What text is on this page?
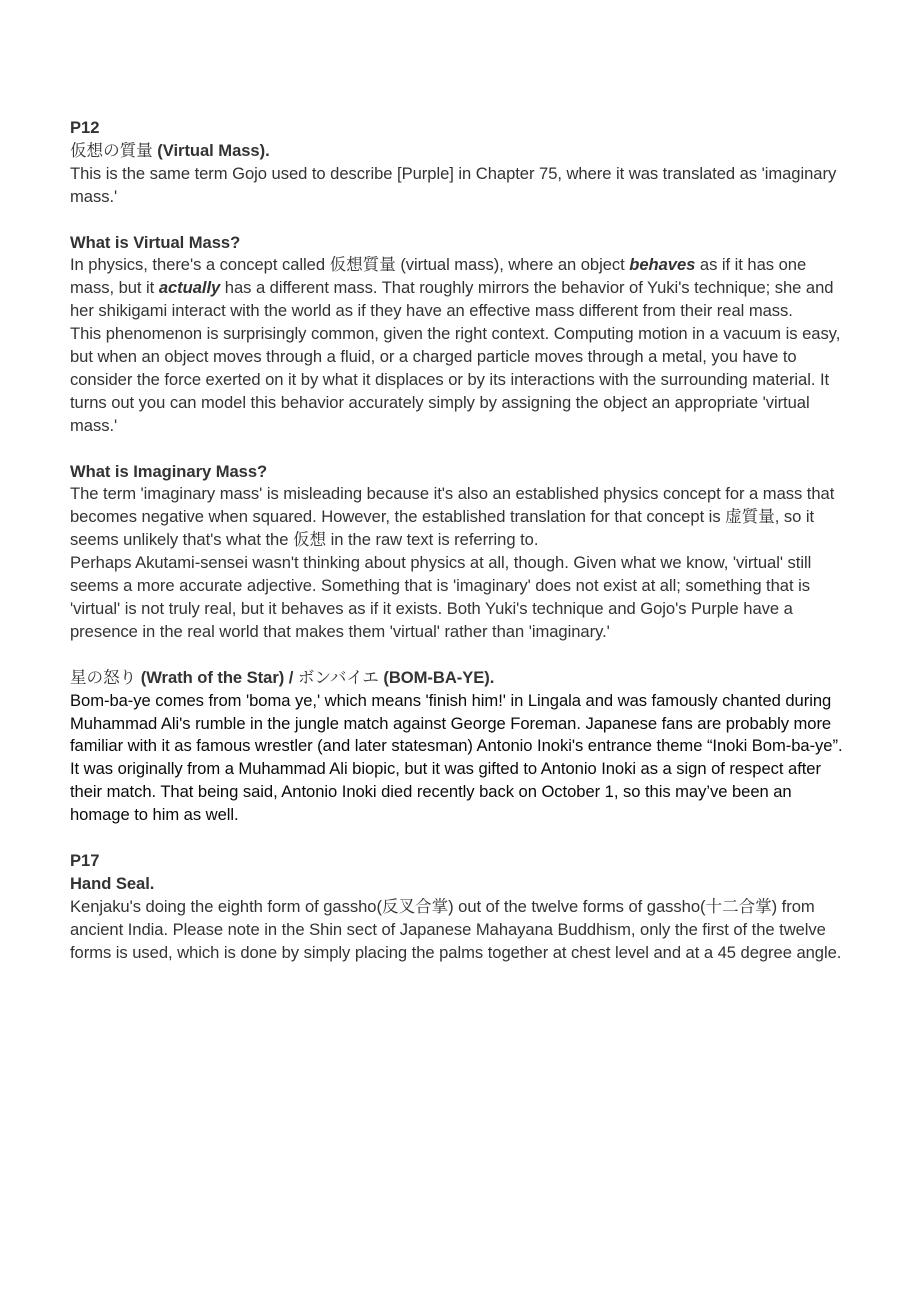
P12

仮想の質量 (Virtual Mass).

This is the same term Gojo used to describe [Purple] in Chapter 75, where it was translated as 'imaginary mass.'

What is Virtual Mass?

In physics, there's a concept called 仮想質量 (virtual mass), where an object behaves as if it has one mass, but it actually has a different mass. That roughly mirrors the behavior of Yuki's technique; she and her shikigami interact with the world as if they have an effective mass different from their real mass.

This phenomenon is surprisingly common, given the right context. Computing motion in a vacuum is easy, but when an object moves through a fluid, or a charged particle moves through a metal, you have to consider the force exerted on it by what it displaces or by its interactions with the surrounding material. It turns out you can model this behavior accurately simply by assigning the object an appropriate 'virtual mass.'

What is Imaginary Mass?

The term 'imaginary mass' is misleading because it's also an established physics concept for a mass that becomes negative when squared. However, the established translation for that concept is 虚質量, so it seems unlikely that's what the 仮想 in the raw text is referring to.

Perhaps Akutami-sensei wasn't thinking about physics at all, though. Given what we know, 'virtual' still seems a more accurate adjective. Something that is 'imaginary' does not exist at all; something that is 'virtual' is not truly real, but it behaves as if it exists. Both Yuki's technique and Gojo's Purple have a presence in the real world that makes them 'virtual' rather than 'imaginary.'

星の怒り (Wrath of the Star) / ボンバイエ (BOM-BA-YE).

Bom-ba-ye comes from 'boma ye,' which means 'finish him!' in Lingala and was famously chanted during Muhammad Ali's rumble in the jungle match against George Foreman. Japanese fans are probably more familiar with it as famous wrestler (and later statesman) Antonio Inoki's entrance theme “Inoki Bom-ba-ye”. It was originally from a Muhammad Ali biopic, but it was gifted to Antonio Inoki as a sign of respect after their match. That being said, Antonio Inoki died recently back on October 1, so this may’ve been an homage to him as well.

P17

Hand Seal.

Kenjaku's doing the eighth form of gassho(反叉合掌) out of the twelve forms of gassho(十二合掌) from ancient India. Please note in the Shin sect of Japanese Mahayana Buddhism, only the first of the twelve forms is used, which is done by simply placing the palms together at chest level and at a 45 degree angle.
